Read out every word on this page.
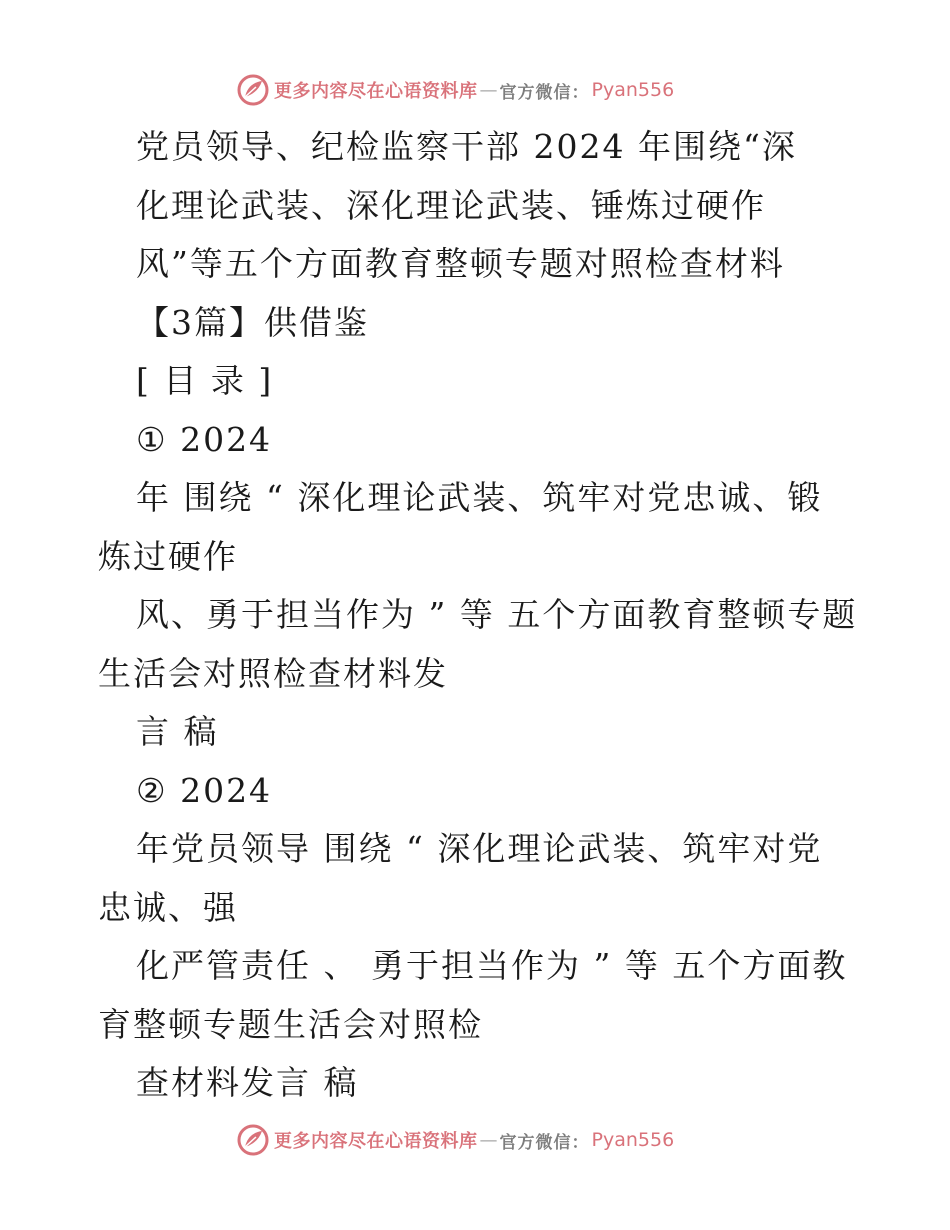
更多内容尽在心语资料库 — 官方微信： Pyan556
党员领导、纪检监察干部 2024 年围绕“深
化理论武装、深化理论武装、锤炼过硬作
风”等五个方面教育整顿专题对照检查材料
【3篇】供借鉴
[ 目 录 ]
① 2024
年 围绕 “ 深化理论武装、筑牢对党忠诚、锻
炼过硬作
风、勇于担当作为 ” 等 五个方面教育整顿专题
生活会对照检查材料发
言 稿
② 2024
年党员领导 围绕 “ 深化理论武装、筑牢对党
忠诚、强
化严管责任 、 勇于担当作为 ” 等 五个方面教
育整顿专题生活会对照检
查材料发言 稿
更多内容尽在心语资料库 — 官方微信： Pyan556
